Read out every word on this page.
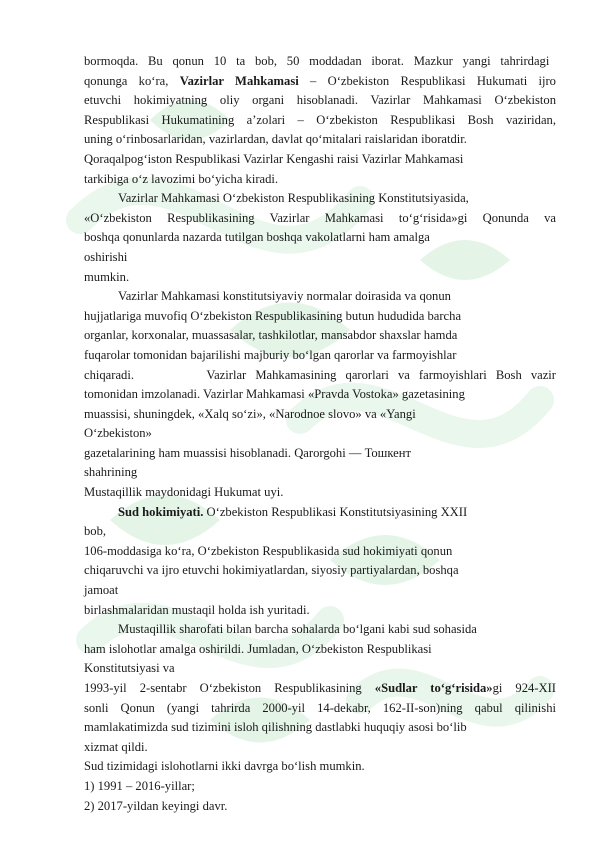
bormoqda. Bu qonun 10 ta bob, 50 moddadan iborat. Mazkur yangi tahrirdagi
qonunga ko‘ra, Vazirlar Mahkamasi – O‘zbekiston Respublikasi Hukumati ijro
etuvchi hokimiyatning oliy organi hisoblanadi. Vazirlar Mahkamasi O‘zbekiston
Respublikasi Hukumatining a’zolari – O‘zbekiston Respublikasi Bosh vaziridan,
uning o‘rinbosarlaridan, vazirlardan, davlat qo‘mitalari raislaridan iboratdir.
Qoraqalpog‘iston Respublikasi Vazirlar Kengashi raisi Vazirlar Mahkamasi
tarkibiga o‘z lavozimi bo‘yicha kiradi.
Vazirlar Mahkamasi O‘zbekiston Respublikasining Konstitutsiyasida,
«O‘zbekiston Respublikasining Vazirlar Mahkamasi to‘g‘risida»gi Qonunda va
boshqa qonunlarda nazarda tutilgan boshqa vakolatlarni ham amalga
oshirishi
mumkin.
Vazirlar Mahkamasi konstitutsiyaviy normalar doirasida va qonun
hujjatlariga muvofiq O‘zbekiston Respublikasining butun hududida barcha
organlar, korxonalar, muassasalar, tashkilotlar, mansabdor shaxslar hamda
fuqarolar tomonidan bajarilishi majburiy bo‘lgan qarorlar va farmoyishlar
chiqaradi.        Vazirlar Mahkamasining qarorlari va farmoyishlari Bosh vazir
tomonidan imzolanadi. Vazirlar Mahkamasi «Pravda Vostoka» gazetasining
muassisi, shuningdek, «Xalq so‘zi», «Narodnoe slovo» va «Yangi
O‘zbekiston»
gazetalarining ham muassisi hisoblanadi. Qarorgohi — Тошкент
shahrining
Mustaqillik maydonidagi Hukumat uyi.
Sud hokimiyati. O‘zbekiston Respublikasi Konstitutsiyasining XXII
bob,
106-moddasiga ko‘ra, O‘zbekiston Respublikasida sud hokimiyati qonun
chiqaruvchi va ijro etuvchi hokimiyatlardan, siyosiy partiyalardan, boshqa
jamoat
birlashmalaridan mustaqil holda ish yuritadi.
Mustaqillik sharofati bilan barcha sohalarda bo‘lgani kabi sud sohasida
ham islohotlar amalga oshirildi. Jumladan, O‘zbekiston Respublikasi
Konstitutsiyasi va
1993-yil 2-sentabr O‘zbekiston Respublikasining «Sudlar to‘g‘risida»gi 924-XII
sonli Qonun (yangi tahrirda 2000-yil 14-dekabr, 162-II-son)ning qabul qilinishi
mamlakatimizda sud tizimini isloh qilishning dastlabki huquqiy asosi bo‘lib
xizmat qildi.
Sud tizimidagi islohotlarni ikki davrga bo‘lish mumkin.
1) 1991 – 2016-yillar;
2) 2017-yildan keyingi davr.
